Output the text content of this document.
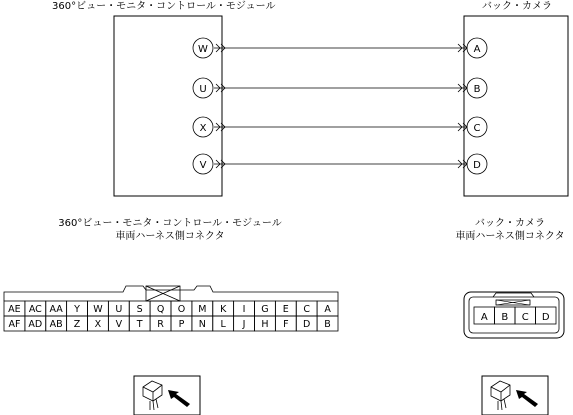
360°ビュー・モニタ・コントロール・モジュール	バック・カメラ
360°ビュー・モニタ・コントロール・モジュール
車両ハーネス側コネクタ
バック・カメラ
車両ハーネス側コネクタ
W	A
U	B
X	C
V	D
AE AC AA Y W U S Q O M K I G E C A
AF AD AB Z X V T R P N L J H F D B
A B C D
